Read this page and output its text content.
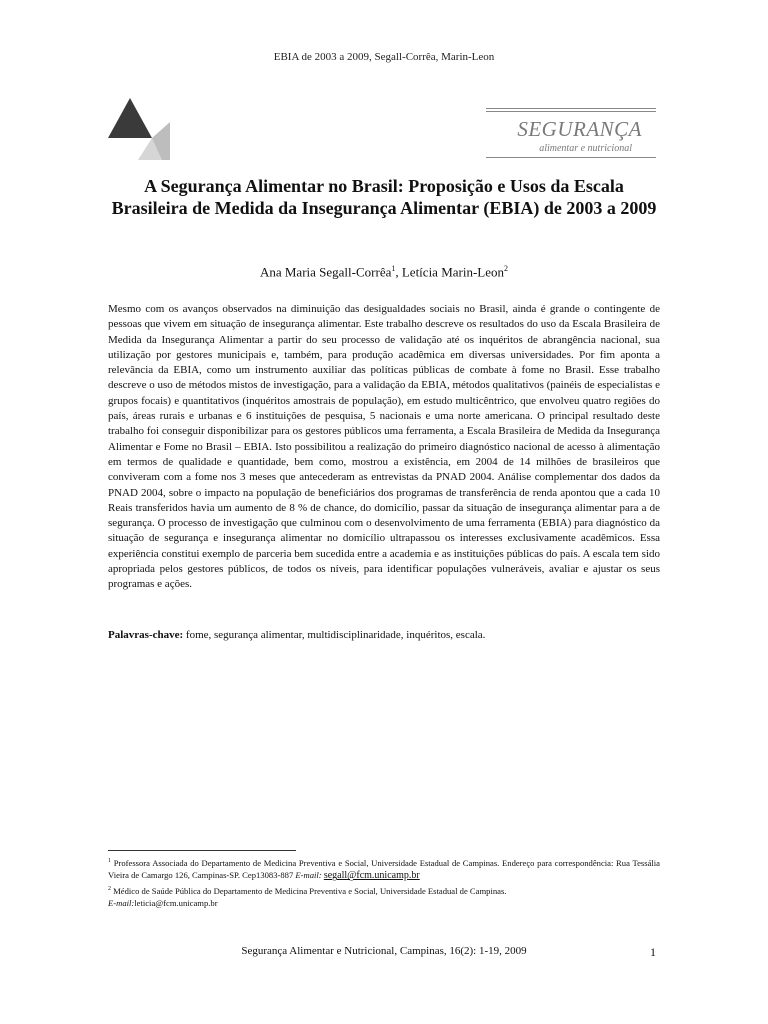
EBIA de 2003 a 2009, Segall-Corrêa, Marin-Leon
SEGURANÇA
alimentar e nutricional
A Segurança Alimentar no Brasil: Proposição e Usos da Escala Brasileira de Medida da Insegurança Alimentar (EBIA) de 2003 a 2009
Ana Maria Segall-Corrêa$^1$, Letícia Marin-Leon$^2$
Mesmo com os avanços observados na diminuição das desigualdades sociais no Brasil, ainda é grande o contingente de pessoas que vivem em situação de insegurança alimentar. Este trabalho descreve os resultados do uso da Escala Brasileira de Medida da Insegurança Alimentar a partir do seu processo de validação até os inquéritos de abrangência nacional, sua utilização por gestores municipais e, também, para produção acadêmica em diversas universidades. Por fim aponta a relevância da EBIA, como um instrumento auxiliar das políticas públicas de combate à fome no Brasil. Esse trabalho descreve o uso de métodos mistos de investigação, para a validação da EBIA, métodos qualitativos (painéis de especialistas e grupos focais) e quantitativos (inquéritos amostrais de população), em estudo multicêntrico, que envolveu quatro regiões do país, áreas rurais e urbanas e 6 instituições de pesquisa, 5 nacionais e uma norte americana. O principal resultado deste trabalho foi conseguir disponibilizar para os gestores públicos uma ferramenta, a Escala Brasileira de Medida da Insegurança Alimentar e Fome no Brasil – EBIA. Isto possibilitou a realização do primeiro diagnóstico nacional de acesso à alimentação em termos de qualidade e quantidade, bem como, mostrou a existência, em 2004 de 14 milhões de brasileiros que conviveram com a fome nos 3 meses que antecederam as entrevistas da PNAD 2004. Análise complementar dos dados da PNAD 2004, sobre o impacto na população de beneficiários dos programas de transferência de renda apontou que a cada 10 Reais transferidos havia um aumento de 8 % de chance, do domicílio, passar da situação de insegurança alimentar para a de segurança. O processo de investigação que culminou com o desenvolvimento de uma ferramenta (EBIA) para diagnóstico da situação de segurança e insegurança alimentar no domicílio ultrapassou os interesses exclusivamente acadêmicos. Essa experiência constitui exemplo de parceria bem sucedida entre a academia e as instituições públicas do país. A escala tem sido apropriada pelos gestores públicos, de todos os níveis, para identificar populações vulneráveis, avaliar e ajustar os seus programas e ações.
Palavras-chave: fome, segurança alimentar, multidisciplinaridade, inquéritos, escala.
$^1$ Professora Associada do Departamento de Medicina Preventiva e Social, Universidade Estadual de Campinas. Endereço para correspondência: Rua Tessália Vieira de Camargo 126, Campinas-SP. Cep13083-887 E-mail: segall@fcm.unicamp.br
$^2$ Médico de Saúde Pública do Departamento de Medicina Preventiva e Social, Universidade Estadual de Campinas.
E-mail:leticia@fcm.unicamp.br
Segurança Alimentar e Nutricional, Campinas, 16(2): 1-19, 2009	1
